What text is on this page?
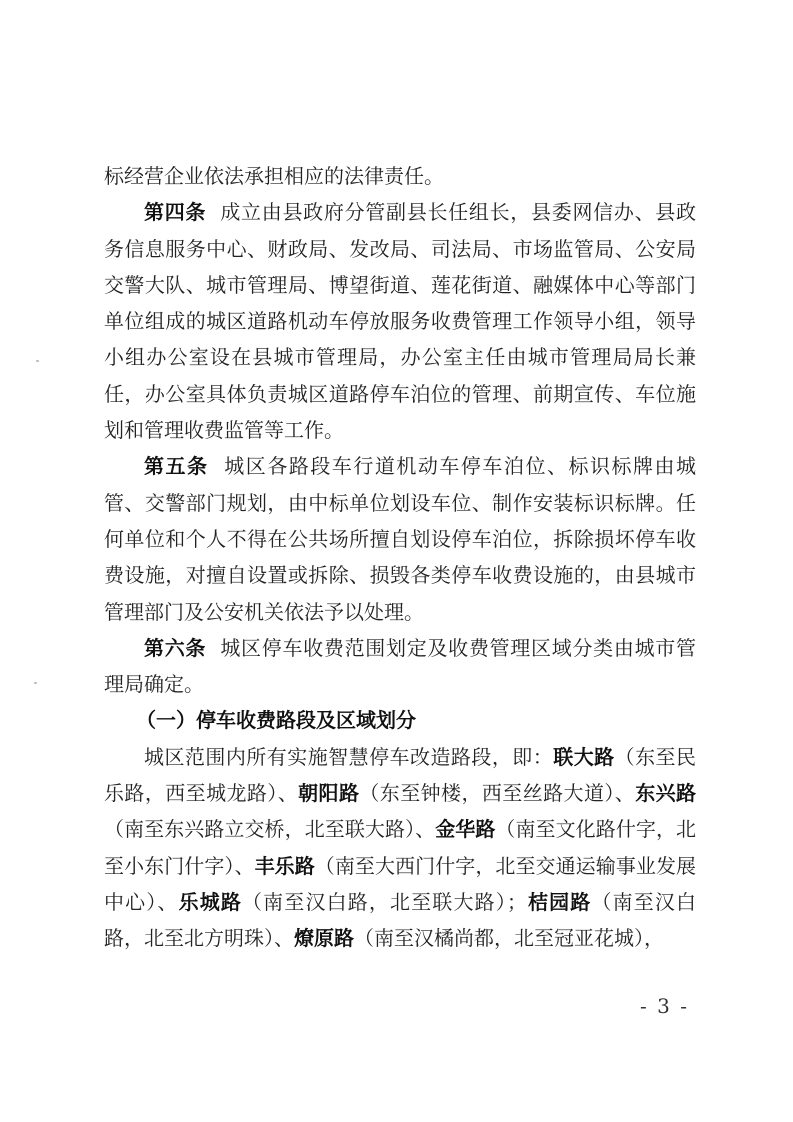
标经营企业依法承担相应的法律责任。

第四条 成立由县政府分管副县长任组长，县委网信办、县政务信息服务中心、财政局、发改局、司法局、市场监管局、公安局交警大队、城市管理局、博望街道、莲花街道、融媒体中心等部门单位组成的城区道路机动车停放服务收费管理工作领导小组，领导小组办公室设在县城市管理局，办公室主任由城市管理局局长兼任，办公室具体负责城区道路停车泊位的管理、前期宣传、车位施划和管理收费监管等工作。

第五条 城区各路段车行道机动车停车泊位、标识标牌由城管、交警部门规划，由中标单位划设车位、制作安装标识标牌。任何单位和个人不得在公共场所擅自划设停车泊位，拆除损坏停车收费设施，对擅自设置或拆除、损毁各类停车收费设施的，由县城市管理部门及公安机关依法予以处理。

第六条 城区停车收费范围划定及收费管理区域分类由城市管理局确定。

（一）停车收费路段及区域划分

城区范围内所有实施智慧停车改造路段，即：联大路（东至民乐路，西至城龙路）、朝阳路（东至钟楼，西至丝路大道）、东兴路（南至东兴路立交桥，北至联大路）、金华路（南至文化路什字，北至小东门什字）、丰乐路（南至大西门什字，北至交通运输事业发展中心）、乐城路（南至汉白路，北至联大路）；桔园路（南至汉白路，北至北方明珠）、燎原路（南至汉橘尚都，北至冠亚花城），

- 3 -
